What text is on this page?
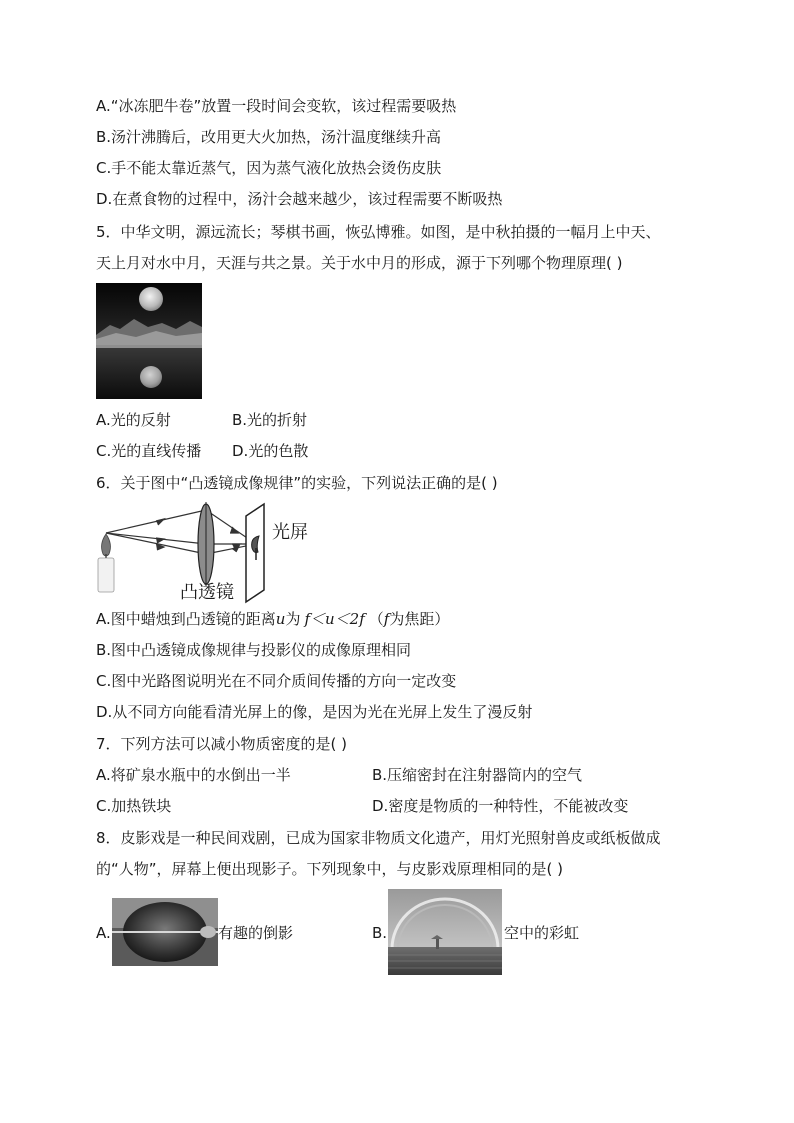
A.“冰冻肥牛卷”放置一段时间会变软，该过程需要吸热
B.汤汁沸腾后，改用更大火加热，汤汁温度继续升高
C.手不能太靠近蒸气，因为蒸气液化放热会烫伤皮肤
D.在煮食物的过程中，汤汁会越来越少，该过程需要不断吸热
5．中华文明，源远流长；琴棋书画，恢弘博雅。如图，是中秋拍摄的一幅月上中天、
天上月对水中月，天涯与共之景。关于水中月的形成，源于下列哪个物理原理( )
A.光的反射	B.光的折射
C.光的直线传播 D.光的色散
6．关于图中“凸透镜成像规律”的实验，下列说法正确的是( )
光屏
凸透镜
A.图中蜡烛到凸透镜的距离u为 f＜u＜2f （f为焦距）
B.图中凸透镜成像规律与投影仪的成像原理相同
C.图中光路图说明光在不同介质间传播的方向一定改变
D.从不同方向能看清光屏上的像，是因为光在光屏上发生了漫反射
7．下列方法可以减小物质密度的是( )
A.将矿泉水瓶中的水倒出一半	B.压缩密封在注射器筒内的空气
C.加热铁块	D.密度是物质的一种特性，不能被改变
8．皮影戏是一种民间戏剧，已成为国家非物质文化遗产，用灯光照射兽皮或纸板做成
的“人物”，屏幕上便出现影子。下列现象中，与皮影戏原理相同的是( )
A.	有趣的倒影	B.	空中的彩虹
